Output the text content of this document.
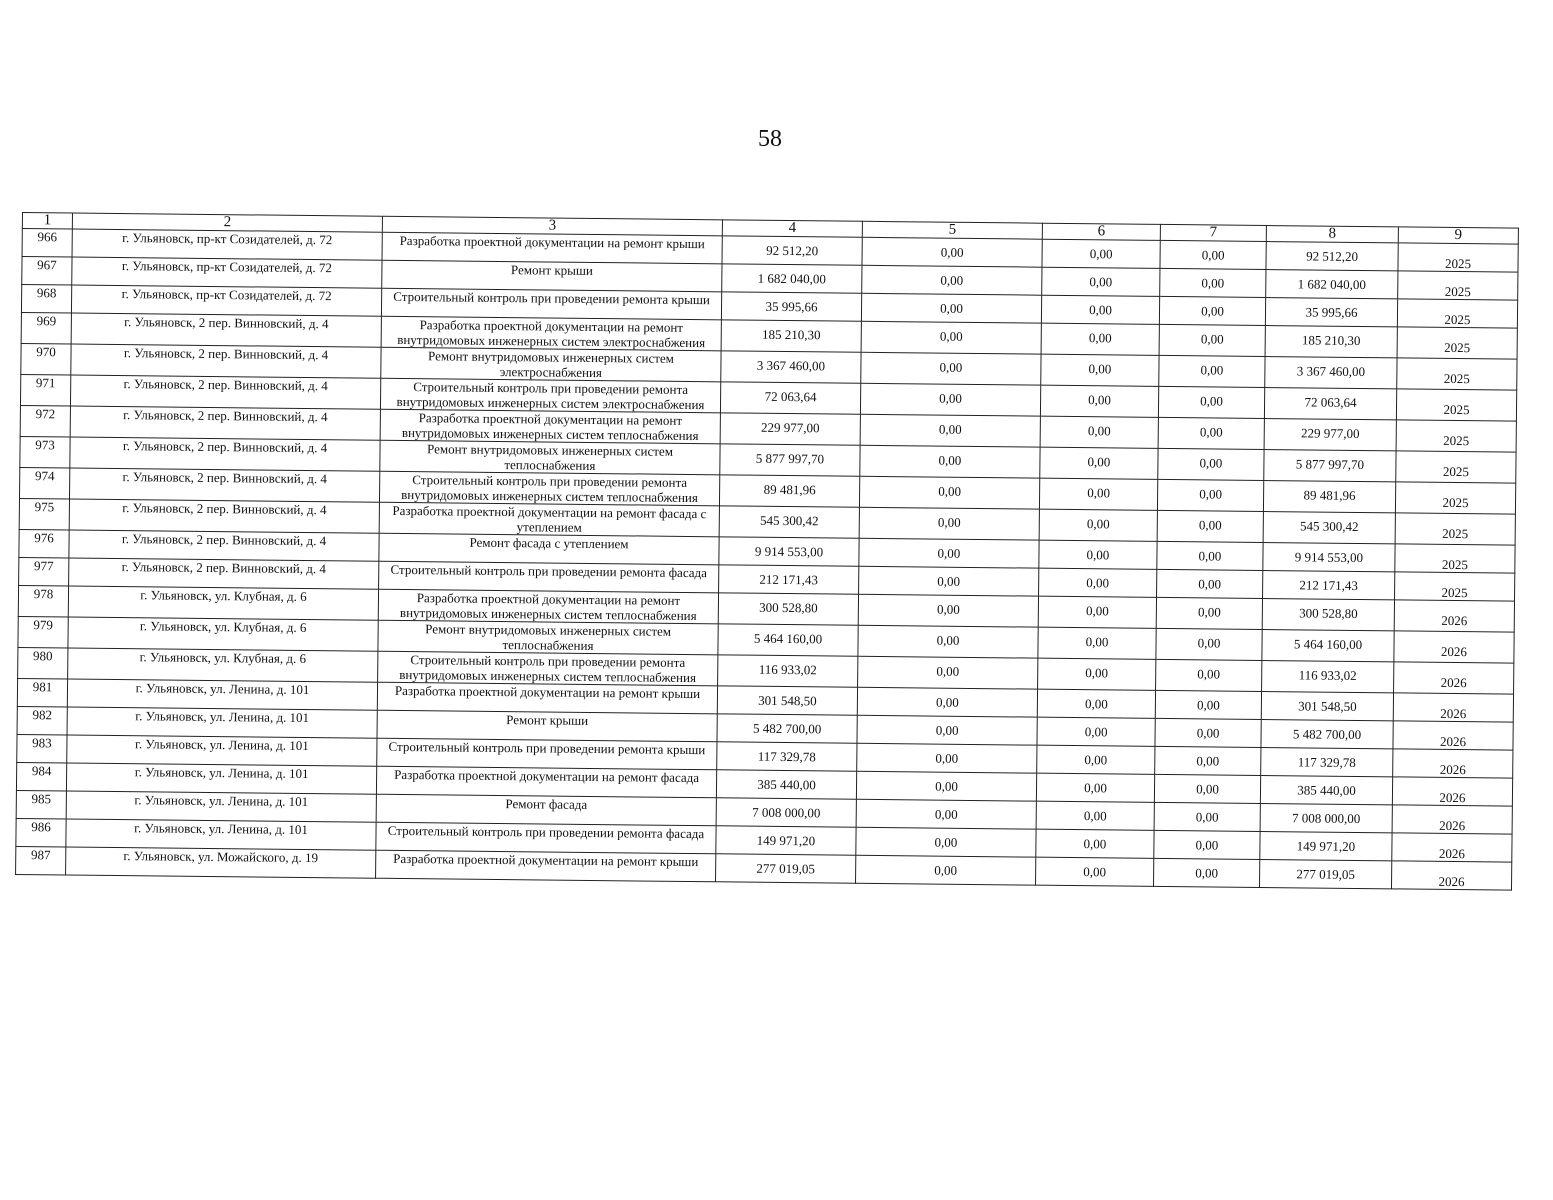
58
1	2	3	4	5	6	7	8	9
966	г. Ульяновск, пр-кт Созидателей, д. 72	Разработка проектной документации на ремонт крыши	92 512,20	0,00	0,00	0,00	92 512,20	2025
967	г. Ульяновск, пр-кт Созидателей, д. 72	Ремонт крыши	1 682 040,00	0,00	0,00	0,00	1 682 040,00	2025
968	г. Ульяновск, пр-кт Созидателей, д. 72	Строительный контроль при проведении ремонта крыши	35 995,66	0,00	0,00	0,00	35 995,66	2025
969	г. Ульяновск, 2 пер. Винновский, д. 4	Разработка проектной документации на ремонт внутридомовых инженерных систем электроснабжения	185 210,30	0,00	0,00	0,00	185 210,30	2025
970	г. Ульяновск, 2 пер. Винновский, д. 4	Ремонт внутридомовых инженерных систем электроснабжения	3 367 460,00	0,00	0,00	0,00	3 367 460,00	2025
971	г. Ульяновск, 2 пер. Винновский, д. 4	Строительный контроль при проведении ремонта внутридомовых инженерных систем электроснабжения	72 063,64	0,00	0,00	0,00	72 063,64	2025
972	г. Ульяновск, 2 пер. Винновский, д. 4	Разработка проектной документации на ремонт внутридомовых инженерных систем теплоснабжения	229 977,00	0,00	0,00	0,00	229 977,00	2025
973	г. Ульяновск, 2 пер. Винновский, д. 4	Ремонт внутридомовых инженерных систем теплоснабжения	5 877 997,70	0,00	0,00	0,00	5 877 997,70	2025
974	г. Ульяновск, 2 пер. Винновский, д. 4	Строительный контроль при проведении ремонта внутридомовых инженерных систем теплоснабжения	89 481,96	0,00	0,00	0,00	89 481,96	2025
975	г. Ульяновск, 2 пер. Винновский, д. 4	Разработка проектной документации на ремонт фасада с утеплением	545 300,42	0,00	0,00	0,00	545 300,42	2025
976	г. Ульяновск, 2 пер. Винновский, д. 4	Ремонт фасада с утеплением	9 914 553,00	0,00	0,00	0,00	9 914 553,00	2025
977	г. Ульяновск, 2 пер. Винновский, д. 4	Строительный контроль при проведении ремонта фасада	212 171,43	0,00	0,00	0,00	212 171,43	2025
978	г. Ульяновск, ул. Клубная, д. 6	Разработка проектной документации на ремонт внутридомовых инженерных систем теплоснабжения	300 528,80	0,00	0,00	0,00	300 528,80	2026
979	г. Ульяновск, ул. Клубная, д. 6	Ремонт внутридомовых инженерных систем теплоснабжения	5 464 160,00	0,00	0,00	0,00	5 464 160,00	2026
980	г. Ульяновск, ул. Клубная, д. 6	Строительный контроль при проведении ремонта внутридомовых инженерных систем теплоснабжения	116 933,02	0,00	0,00	0,00	116 933,02	2026
981	г. Ульяновск, ул. Ленина, д. 101	Разработка проектной документации на ремонт крыши	301 548,50	0,00	0,00	0,00	301 548,50	2026
982	г. Ульяновск, ул. Ленина, д. 101	Ремонт крыши	5 482 700,00	0,00	0,00	0,00	5 482 700,00	2026
983	г. Ульяновск, ул. Ленина, д. 101	Строительный контроль при проведении ремонта крыши	117 329,78	0,00	0,00	0,00	117 329,78	2026
984	г. Ульяновск, ул. Ленина, д. 101	Разработка проектной документации на ремонт фасада	385 440,00	0,00	0,00	0,00	385 440,00	2026
985	г. Ульяновск, ул. Ленина, д. 101	Ремонт фасада	7 008 000,00	0,00	0,00	0,00	7 008 000,00	2026
986	г. Ульяновск, ул. Ленина, д. 101	Строительный контроль при проведении ремонта фасада	149 971,20	0,00	0,00	0,00	149 971,20	2026
987	г. Ульяновск, ул. Можайского, д. 19	Разработка проектной документации на ремонт крыши	277 019,05	0,00	0,00	0,00	277 019,05	2026
